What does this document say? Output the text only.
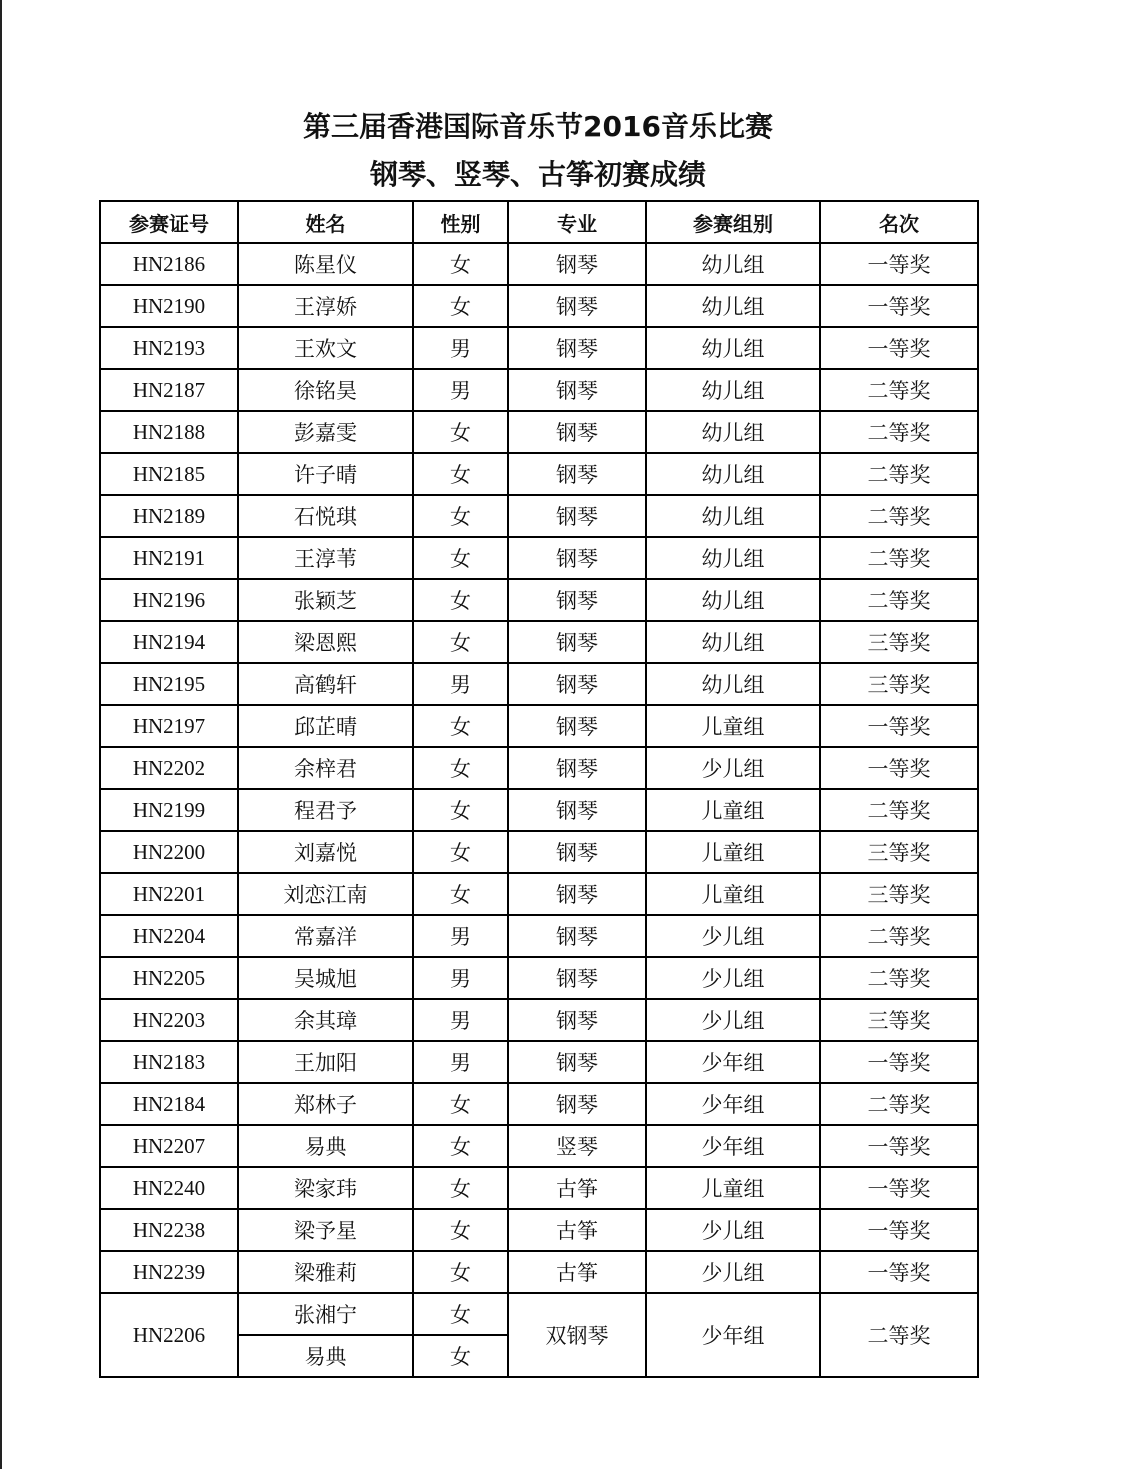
第三届香港国际音乐节2016音乐比赛
钢琴、竖琴、古筝初赛成绩
参赛证号	姓名	性别	专业	参赛组别	名次
HN2186	陈星仪	女	钢琴	幼儿组	一等奖
HN2190	王淳娇	女	钢琴	幼儿组	一等奖
HN2193	王欢文	男	钢琴	幼儿组	一等奖
HN2187	徐铭昊	男	钢琴	幼儿组	二等奖
HN2188	彭嘉雯	女	钢琴	幼儿组	二等奖
HN2185	许子晴	女	钢琴	幼儿组	二等奖
HN2189	石悦琪	女	钢琴	幼儿组	二等奖
HN2191	王淳苇	女	钢琴	幼儿组	二等奖
HN2196	张颖芝	女	钢琴	幼儿组	二等奖
HN2194	梁恩熙	女	钢琴	幼儿组	三等奖
HN2195	高鹤轩	男	钢琴	幼儿组	三等奖
HN2197	邱芷晴	女	钢琴	儿童组	一等奖
HN2202	余梓君	女	钢琴	少儿组	一等奖
HN2199	程君予	女	钢琴	儿童组	二等奖
HN2200	刘嘉悦	女	钢琴	儿童组	三等奖
HN2201	刘恋江南	女	钢琴	儿童组	三等奖
HN2204	常嘉洋	男	钢琴	少儿组	二等奖
HN2205	吴城旭	男	钢琴	少儿组	二等奖
HN2203	余其璋	男	钢琴	少儿组	三等奖
HN2183	王加阳	男	钢琴	少年组	一等奖
HN2184	郑林子	女	钢琴	少年组	二等奖
HN2207	易典	女	竖琴	少年组	一等奖
HN2240	梁家玮	女	古筝	儿童组	一等奖
HN2238	梁予星	女	古筝	少儿组	一等奖
HN2239	梁雅莉	女	古筝	少儿组	一等奖
HN2206	张湘宁	女	双钢琴	少年组	二等奖
	易典	女			
